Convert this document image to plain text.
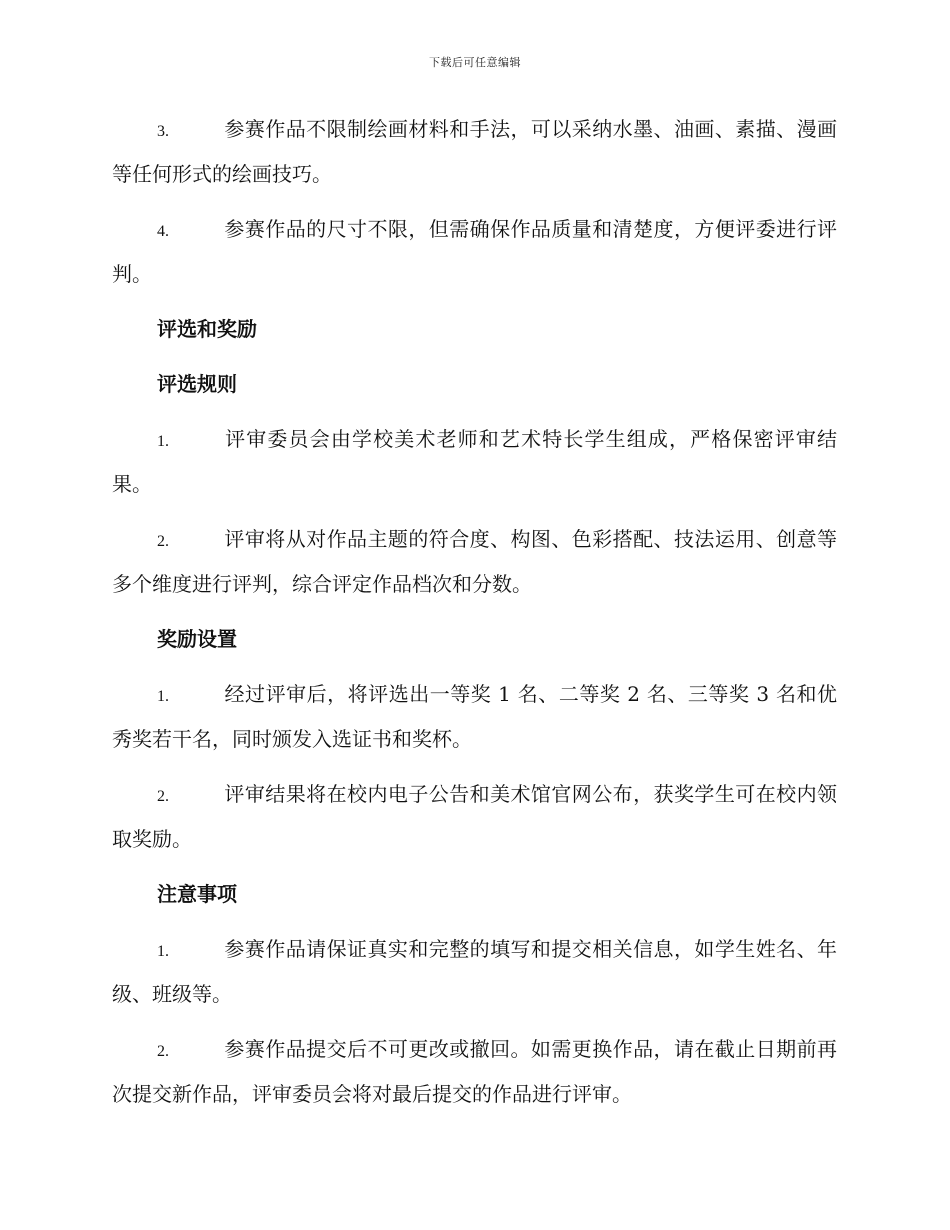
下载后可任意编辑

3.	参赛作品不限制绘画材料和手法，可以采纳水墨、油画、素描、漫画等任何形式的绘画技巧。

4.	参赛作品的尺寸不限，但需确保作品质量和清楚度，方便评委进行评判。

评选和奖励

评选规则

1.	评审委员会由学校美术老师和艺术特长学生组成，严格保密评审结果。

2.	评审将从对作品主题的符合度、构图、色彩搭配、技法运用、创意等多个维度进行评判，综合评定作品档次和分数。

奖励设置

1.	经过评审后，将评选出一等奖 1 名、二等奖 2 名、三等奖 3 名和优秀奖若干名，同时颁发入选证书和奖杯。

2.	评审结果将在校内电子公告和美术馆官网公布，获奖学生可在校内领取奖励。

注意事项

1.	参赛作品请保证真实和完整的填写和提交相关信息，如学生姓名、年级、班级等。

2.	参赛作品提交后不可更改或撤回。如需更换作品，请在截止日期前再次提交新作品，评审委员会将对最后提交的作品进行评审。
